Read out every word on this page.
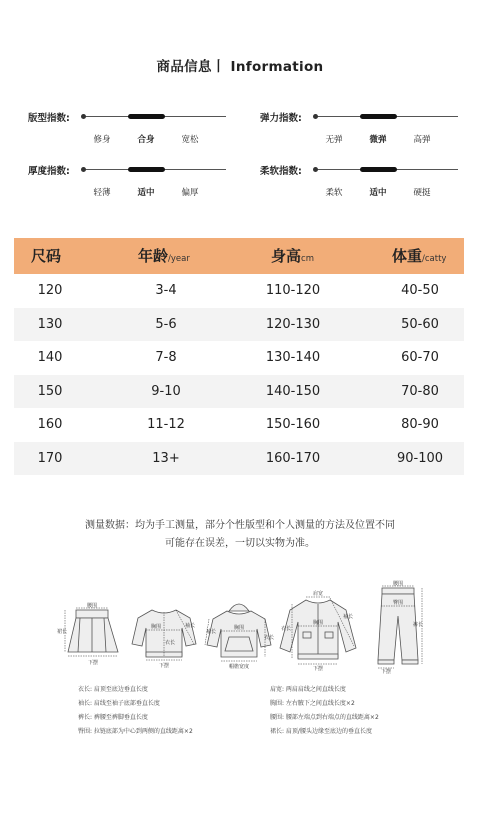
商品信息丨 Information
版型指数:
修身	合身	宽松
弹力指数:
无弹	微弹	高弹
厚度指数:
轻薄	适中	偏厚
柔软指数:
柔软	适中	硬挺
尺码	年龄/year	身高cm	体重/catty
120	3-4	110-120	40-50
130	5-6	120-130	50-60
140	7-8	130-140	60-70
150	9-10	140-150	70-80
160	11-12	150-160	80-90
170	13+	160-170	90-100
测量数据：均为手工测量，部分个性版型和个人测量的方法及位置不同
可能存在误差，一切以实物为准。
腰围
裙长
下摆
胸围	袖长
衣长
下摆
胸围
衣长
袖长
帽檐宽度
肩宽
袖长
衣长
胸围
下摆
腰围
臀围
裤长
下摆
衣长: 肩顶至底边垂直长度
袖长: 肩线至袖子底部垂直长度
裤长: 裤腰至裤脚垂直长度
臀围: 拉链底部为中心到两侧的直线距离×2
肩宽: 两肩肩线之间直线长度
胸围: 左右腋下之间直线长度×2
腰围: 腰部左端点到右端点的直线距离×2
裙长: 肩顶/腰头边缘至底边的垂直长度
